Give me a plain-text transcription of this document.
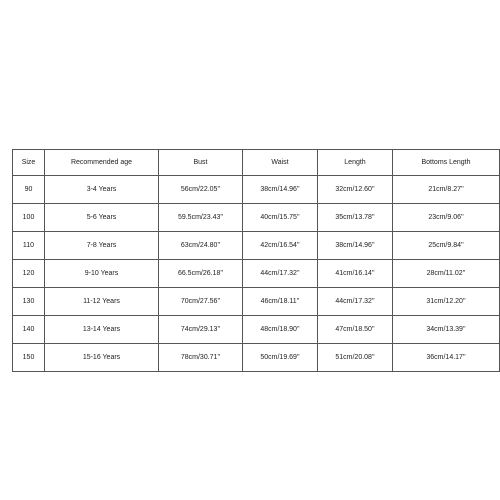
Size	Recommended age	Bust	Waist	Length	Bottoms Length
90	3-4 Years	56cm/22.05''	38cm/14.96''	32cm/12.60''	21cm/8.27''
100	5-6 Years	59.5cm/23.43''	40cm/15.75''	35cm/13.78''	23cm/9.06''
110	7-8 Years	63cm/24.80''	42cm/16.54''	38cm/14.96''	25cm/9.84''
120	9-10 Years	66.5cm/26.18''	44cm/17.32''	41cm/16.14''	28cm/11.02''
130	11-12 Years	70cm/27.56''	46cm/18.11''	44cm/17.32''	31cm/12.20''
140	13-14 Years	74cm/29.13''	48cm/18.90''	47cm/18.50''	34cm/13.39''
150	15-16 Years	78cm/30.71''	50cm/19.69''	51cm/20.08''	36cm/14.17''
